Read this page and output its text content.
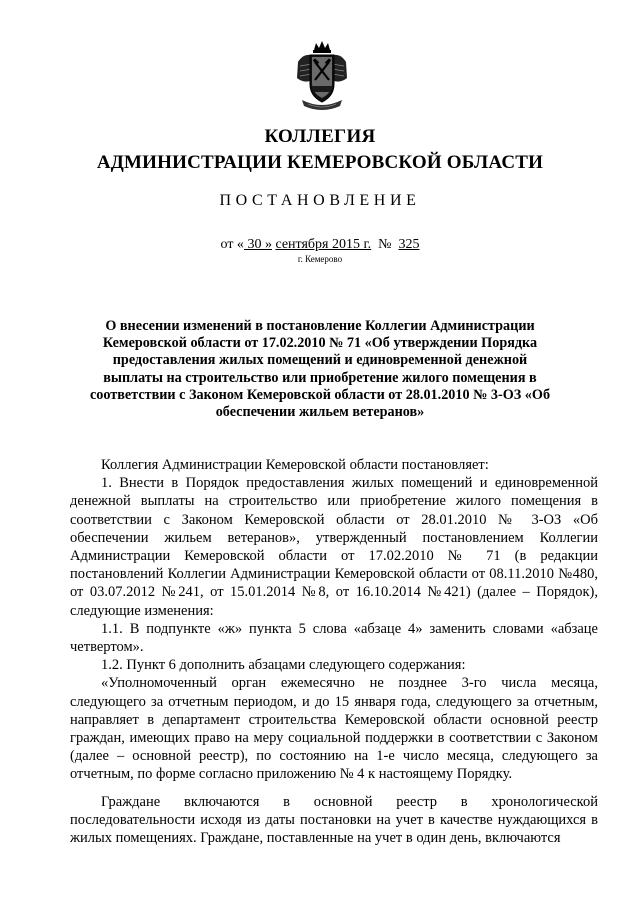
КОЛЛЕГИЯ
АДМИНИСТРАЦИИ КЕМЕРОВСКОЙ ОБЛАСТИ
ПОСТАНОВЛЕНИЕ
от « 30 » сентября 2015 г. № 325
г. Кемерово
О внесении изменений в постановление Коллегии Администрации Кемеровской области от 17.02.2010 № 71 «Об утверждении Порядка предоставления жилых помещений и единовременной денежной выплаты на строительство или приобретение жилого помещения в соответствии с Законом Кемеровской области от 28.01.2010 № 3-ОЗ «Об обеспечении жильем ветеранов»

Коллегия Администрации Кемеровской области постановляет:

1. Внести в Порядок предоставления жилых помещений и единовременной денежной выплаты на строительство или приобретение жилого помещения в соответствии с Законом Кемеровской области от 28.01.2010 № 3-ОЗ «Об обеспечении жильем ветеранов», утвержденный постановлением Коллегии Администрации Кемеровской области от 17.02.2010 № 71 (в редакции постановлений Коллегии Администрации Кемеровской области от 08.11.2010 №480, от 03.07.2012 №241, от 15.01.2014 №8, от 16.10.2014 №421) (далее – Порядок), следующие изменения:

1.1. В подпункте «ж» пункта 5 слова «абзаце 4» заменить словами «абзаце четвертом».

1.2. Пункт 6 дополнить абзацами следующего содержания:

«Уполномоченный орган ежемесячно не позднее 3-го числа месяца, следующего за отчетным периодом, и до 15 января года, следующего за отчетным, направляет в департамент строительства Кемеровской области основной реестр граждан, имеющих право на меру социальной поддержки в соответствии с Законом (далее – основной реестр), по состоянию на 1-е число месяца, следующего за отчетным, по форме согласно приложению № 4 к настоящему Порядку.

Граждане включаются в основной реестр в хронологической последовательности исходя из даты постановки на учет в качестве нуждающихся в жилых помещениях. Граждане, поставленные на учет в один день, включаются
